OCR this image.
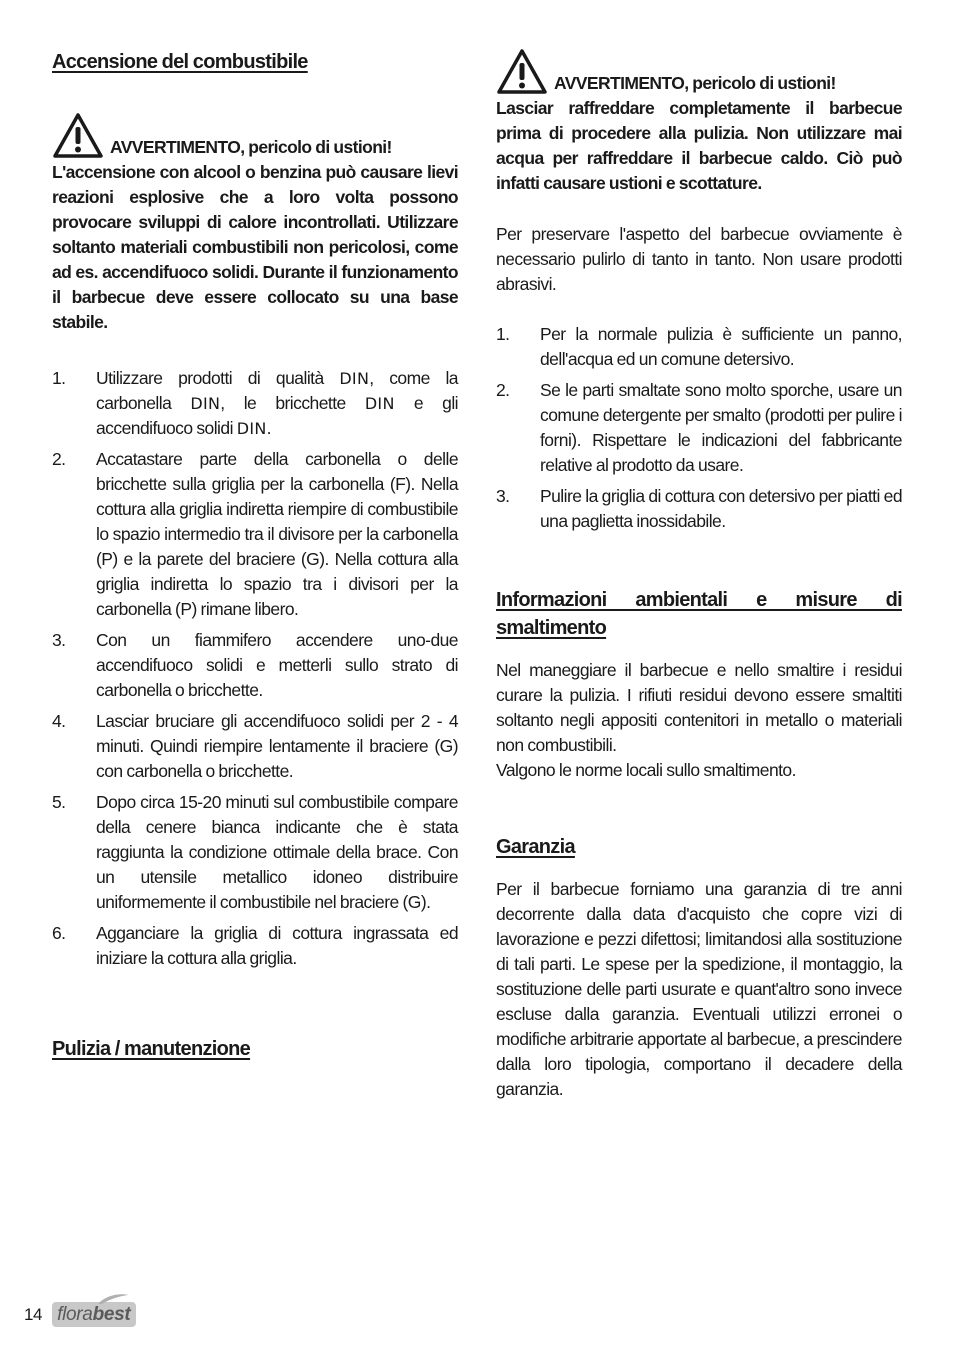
Accensione del combustibile
AVVERTIMENTO, pericolo di ustioni!
L'accensione con alcool o benzina può causare lievi reazioni esplosive che a loro volta possono provocare sviluppi di calore incontrollati. Utilizzare soltanto materiali combustibili non pericolosi, come ad es. accendifuoco solidi. Durante il funzionamento il barbecue deve essere collocato su una base stabile.
1.	Utilizzare prodotti di qualità DIN, come la carbonella DIN, le bricchette DIN e gli accendifuoco solidi DIN.
2.	Accatastare parte della carbonella o delle bricchette sulla griglia per la carbonella (F). Nella cottura alla griglia indiretta riempire di combustibile lo spazio intermedio tra il divisore per la carbonella (P) e la parete del braciere (G). Nella cottura alla griglia indiretta lo spazio tra i divisori per la carbonella (P) rimane libero.
3.	Con un fiammifero accendere uno-due accendifuoco solidi e metterli sullo strato di carbonella o bricchette.
4.	Lasciar bruciare gli accendifuoco solidi per 2 - 4 minuti. Quindi riempire lentamente il braciere (G) con carbonella o bricchette.
5.	Dopo circa 15-20 minuti sul combustibile compare della cenere bianca indicante che è stata raggiunta la condizione ottimale della brace. Con un utensile metallico idoneo distribuire uniformemente il combustibile nel braciere (G).
6.	Agganciare la griglia di cottura ingrassata ed iniziare la cottura alla griglia.
Pulizia / manutenzione
AVVERTIMENTO, pericolo di ustioni!
Lasciar raffreddare completamente il barbecue prima di procedere alla pulizia. Non utilizzare mai acqua per raffreddare il barbecue caldo. Ciò può infatti causare ustioni e scottature.

Per preservare l'aspetto del barbecue ovviamente è necessario pulirlo di tanto in tanto. Non usare prodotti abrasivi.

1.	Per la normale pulizia è sufficiente un panno, dell'acqua ed un comune detersivo.
2.	Se le parti smaltate sono molto sporche, usare un comune detergente per smalto (prodotti per pulire i forni). Rispettare le indicazioni del fabbricante relative al prodotto da usare.
3.	Pulire la griglia di cottura con detersivo per piatti ed una paglietta inossidabile.
Informazioni ambientali e misure di smaltimento

Nel maneggiare il barbecue e nello smaltire i residui curare la pulizia. I rifiuti residui devono essere smaltiti soltanto negli appositi contenitori in metallo o materiali non combustibili.

Valgono le norme locali sullo smaltimento.

Garanzia

Per il barbecue forniamo una garanzia di tre anni decorrente dalla data d'acquisto che copre vizi di lavorazione e pezzi difettosi; limitandosi alla sostituzione di tali parti. Le spese per la spedizione, il montaggio, la sostituzione delle parti usurate e quant'altro sono invece escluse dalla garanzia. Eventuali utilizzi erronei o modifiche arbitrarie apportate al barbecue, a prescindere dalla loro tipologia, comportano il decadere della garanzia.

14 florabest
